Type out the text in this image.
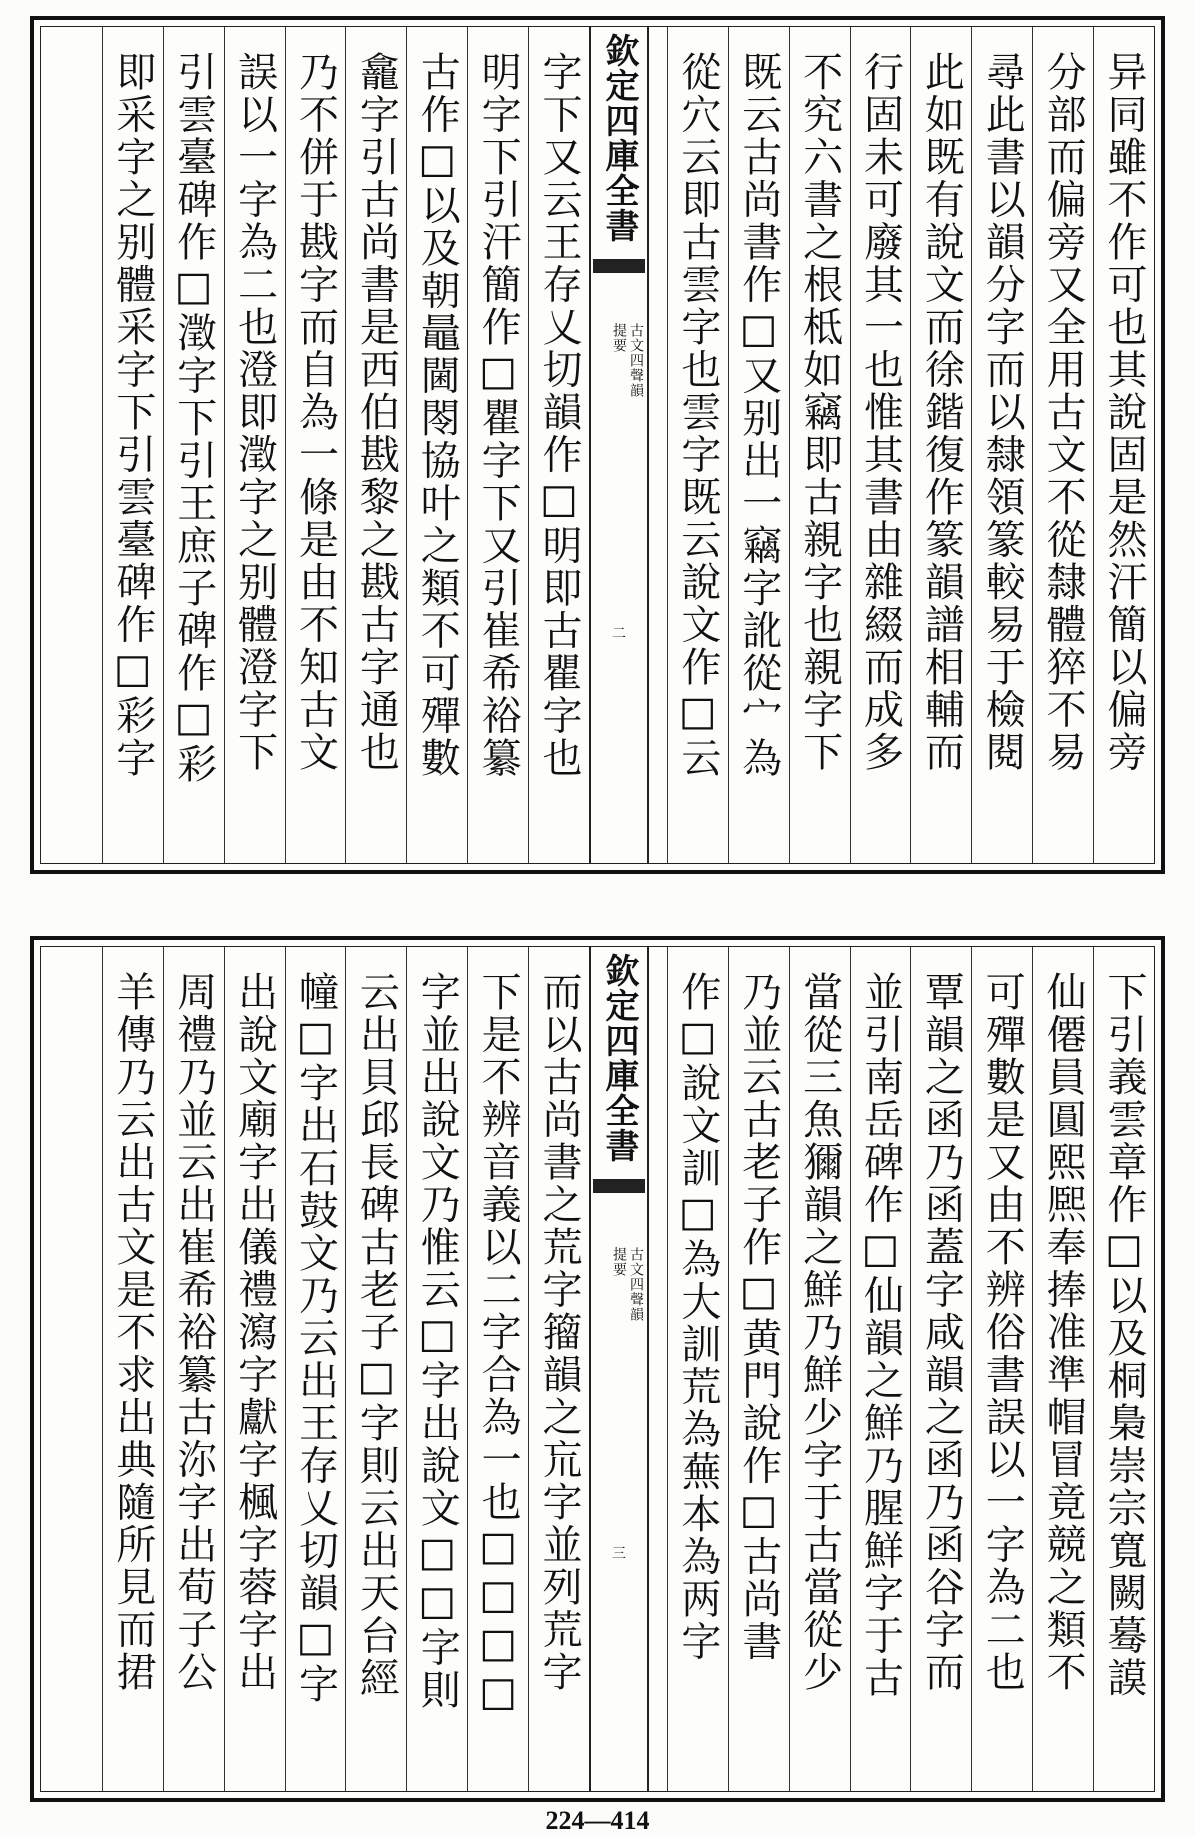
异同雖不作可也其說固是然汗簡以偏旁
分部而偏旁又全用古文不從隸體猝不易
尋此書以韻分字而以隸領篆較易于檢閱
此如既有說文而徐鍇復作篆韻譜相輔而
行固未可廢其一也惟其書由雜綴而成多
不究六書之根柢如竊即古親字也親字下
既云古尚書作□又别出一竊字訛從宀為
從穴云即古雲字也雲字既云說文作□云
欽定四庫全書
古文四聲韻
提要
二
字下又云王存乂切韻作□明即古瞿字也
明字下引汗簡作□瞿字下又引崔希裕纂
古作□以及朝鼂閫閝協叶之類不可殫數
龕字引古尚書是西伯戡黎之戡古字通也
乃不併于戡字而自為一條是由不知古文
誤以一字為二也澄即澂字之别體澄字下
引雲臺碑作□澂字下引王庶子碑作□彩
即采字之别體采字下引雲臺碑作□彩字
下引義雲章作□以及桐梟崇宗寬闕蓦謨
仙僊員圓熙熈奉捧准準帽冒竟競之類不
可殫數是又由不辨俗書誤以一字為二也
覃韻之函乃函蓋字咸韻之函乃函谷字而
並引南岳碑作□仙韻之鮮乃腥鮮字于古
當從三魚獮韻之鮮乃鮮少字于古當從少
乃並云古老子作□黄門說作□古尚書
作□說文訓□為大訓荒為蕪本為两字
欽定四庫全書
古文四聲韻
提要
三
而以古尚書之荒字籀韻之巟字並列荒字
下是不辨音義以二字合為一也□□□□
字並出說文乃惟云□字出說文□□字則
云出貝邱長碑古老子□字則云出天台經
幢□字出石鼓文乃云出王存乂切韻□字
出說文廟字出儀禮瀉字獻字楓字蓉字出
周禮乃並云出崔希裕纂古沵字出荀子公
羊傳乃云出古文是不求出典隨所見而捃
224—414
